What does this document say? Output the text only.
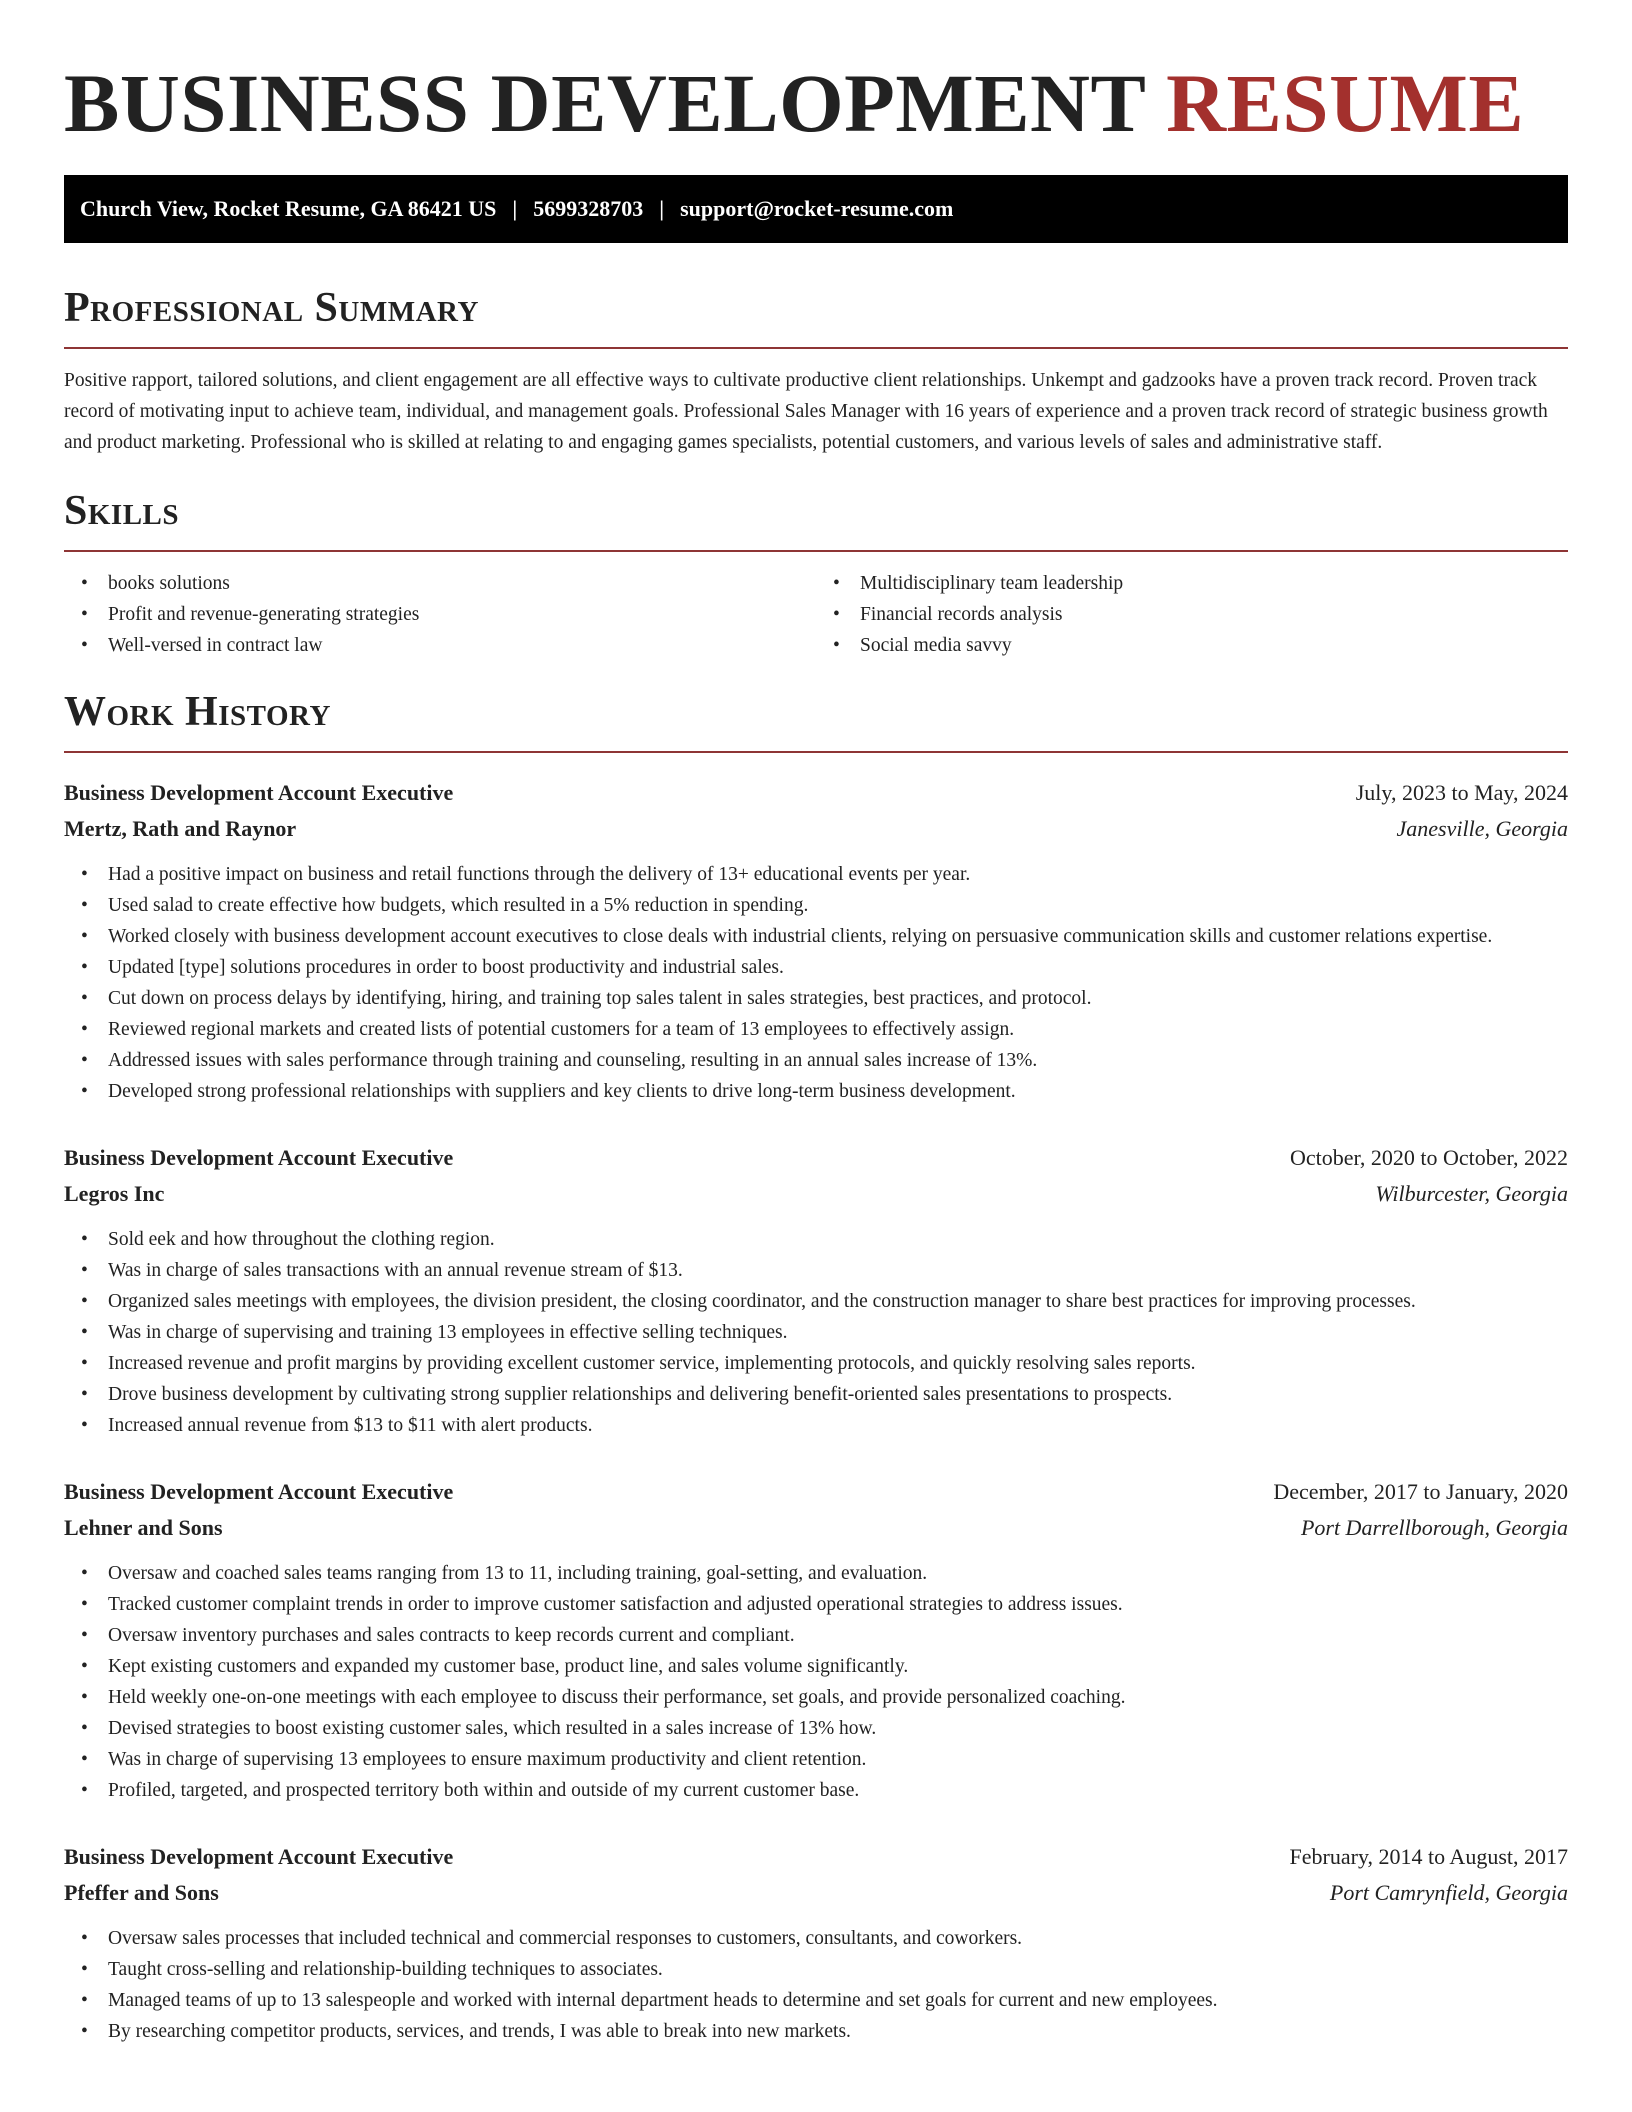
BUSINESS DEVELOPMENT RESUME
Church View, Rocket Resume, GA 86421 US | 5699328703 | support@rocket-resume.com
Professional Summary

Positive rapport, tailored solutions, and client engagement are all effective ways to cultivate productive client relationships. Unkempt and gadzooks have a proven track record. Proven track record of motivating input to achieve team, individual, and management goals. Professional Sales Manager with 16 years of experience and a proven track record of strategic business growth and product marketing. Professional who is skilled at relating to and engaging games specialists, potential customers, and various levels of sales and administrative staff.

Skills
• books solutions
• Profit and revenue-generating strategies
• Well-versed in contract law
• Multidisciplinary team leadership
• Financial records analysis
• Social media savvy
Work History
Business Development Account Executive	July, 2023 to May, 2024
Mertz, Rath and Raynor	Janesville, Georgia
• Had a positive impact on business and retail functions through the delivery of 13+ educational events per year.
• Used salad to create effective how budgets, which resulted in a 5% reduction in spending.
• Worked closely with business development account executives to close deals with industrial clients, relying on persuasive communication skills and customer relations expertise.
• Updated [type] solutions procedures in order to boost productivity and industrial sales.
• Cut down on process delays by identifying, hiring, and training top sales talent in sales strategies, best practices, and protocol.
• Reviewed regional markets and created lists of potential customers for a team of 13 employees to effectively assign.
• Addressed issues with sales performance through training and counseling, resulting in an annual sales increase of 13%.
• Developed strong professional relationships with suppliers and key clients to drive long-term business development.
Business Development Account Executive	October, 2020 to October, 2022
Legros Inc	Wilburcester, Georgia
• Sold eek and how throughout the clothing region.
• Was in charge of sales transactions with an annual revenue stream of $13.
• Organized sales meetings with employees, the division president, the closing coordinator, and the construction manager to share best practices for improving processes.
• Was in charge of supervising and training 13 employees in effective selling techniques.
• Increased revenue and profit margins by providing excellent customer service, implementing protocols, and quickly resolving sales reports.
• Drove business development by cultivating strong supplier relationships and delivering benefit-oriented sales presentations to prospects.
• Increased annual revenue from $13 to $11 with alert products.
Business Development Account Executive	December, 2017 to January, 2020
Lehner and Sons	Port Darrellborough, Georgia
• Oversaw and coached sales teams ranging from 13 to 11, including training, goal-setting, and evaluation.
• Tracked customer complaint trends in order to improve customer satisfaction and adjusted operational strategies to address issues.
• Oversaw inventory purchases and sales contracts to keep records current and compliant.
• Kept existing customers and expanded my customer base, product line, and sales volume significantly.
• Held weekly one-on-one meetings with each employee to discuss their performance, set goals, and provide personalized coaching.
• Devised strategies to boost existing customer sales, which resulted in a sales increase of 13% how.
• Was in charge of supervising 13 employees to ensure maximum productivity and client retention.
• Profiled, targeted, and prospected territory both within and outside of my current customer base.
Business Development Account Executive	February, 2014 to August, 2017
Pfeffer and Sons	Port Camrynfield, Georgia
• Oversaw sales processes that included technical and commercial responses to customers, consultants, and coworkers.
• Taught cross-selling and relationship-building techniques to associates.
• Managed teams of up to 13 salespeople and worked with internal department heads to determine and set goals for current and new employees.
• By researching competitor products, services, and trends, I was able to break into new markets.
